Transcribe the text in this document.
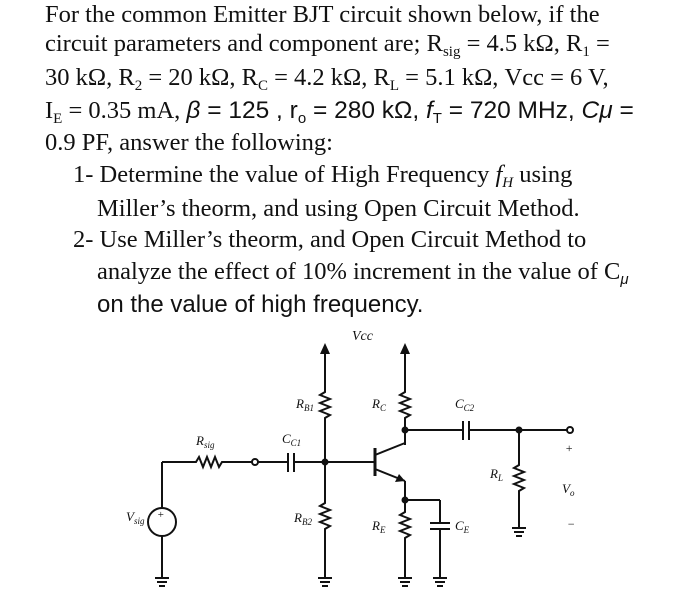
For the common Emitter BJT circuit shown below, if the
circuit parameters and component are; $R_{sig} = 4.5$ kΩ, $R_1$ =
30 kΩ, $R_2 = 20$ kΩ, $R_C = 4.2$ kΩ, $R_L = 5.1$ kΩ, Vcc = 6 V,
$I_E = 0.35$ mA, β = 125 , $r_o = 280$ kΩ, $f_T = 720$ MHz, Cμ =
0.9 PF, answer the following:
1- Determine the value of High Frequency $f_H$ using
Miller’s theorm, and using Open Circuit Method.
2- Use Miller’s theorm, and Open Circuit Method to
analyze the effect of 10% increment in the value of $C_\mu$
on the value of high frequency.
Vcc
$R_{B1}$	$R_C$	$C_{C2}$
$R_L$
+
$V_o$
−
$R_E$	$C_E$
$R_{B2}$
$C_{C1}$
$R_{sig}$
+
$V_{sig}$
